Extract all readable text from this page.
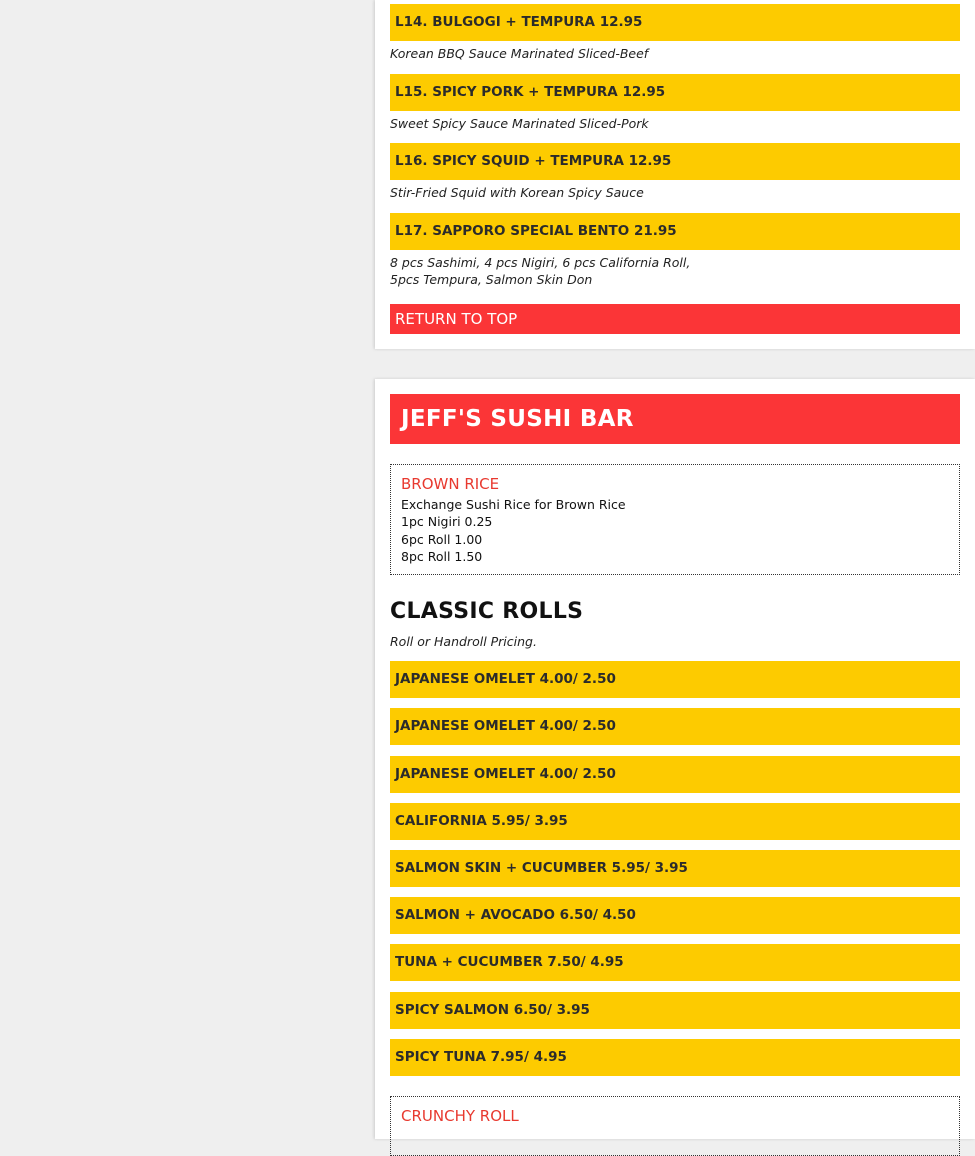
L14. BULGOGI + TEMPURA 12.95
Korean BBQ Sauce Marinated Sliced-Beef
L15. SPICY PORK + TEMPURA 12.95
Sweet Spicy Sauce Marinated Sliced-Pork
L16. SPICY SQUID + TEMPURA 12.95
Stir-Fried Squid with Korean Spicy Sauce
L17. SAPPORO SPECIAL BENTO 21.95
8 pcs Sashimi, 4 pcs Nigiri, 6 pcs California Roll,
5pcs Tempura, Salmon Skin Don
RETURN TO TOP
JEFF'S SUSHI BAR
BROWN RICE
Exchange Sushi Rice for Brown Rice
1pc Nigiri 0.25
6pc Roll 1.00
8pc Roll 1.50
CLASSIC ROLLS
Roll or Handroll Pricing.
JAPANESE OMELET 4.00/ 2.50
JAPANESE OMELET 4.00/ 2.50
JAPANESE OMELET 4.00/ 2.50
CALIFORNIA 5.95/ 3.95
SALMON SKIN + CUCUMBER 5.95/ 3.95
SALMON + AVOCADO 6.50/ 4.50
TUNA + CUCUMBER 7.50/ 4.95
SPICY SALMON 6.50/ 3.95
SPICY TUNA 7.95/ 4.95
CRUNCHY ROLL
